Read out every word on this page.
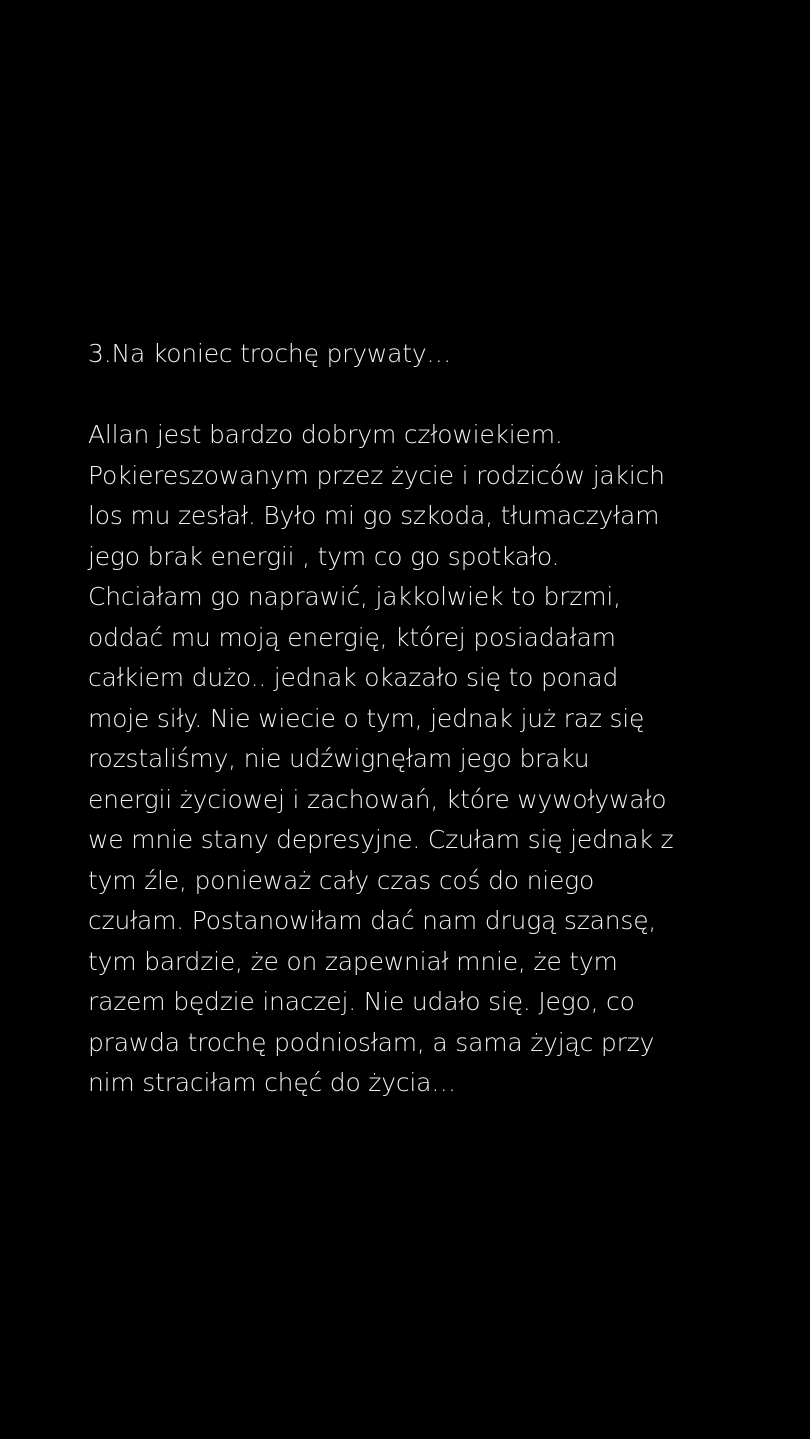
3.Na koniec trochę prywaty…

Allan jest bardzo dobrym człowiekiem.
Pokiereszowanym przez życie i rodziców jakich
los mu zesłał. Było mi go szkoda, tłumaczyłam
jego brak energii , tym co go spotkało.
Chciałam go naprawić, jakkolwiek to brzmi,
oddać mu moją energię, której posiadałam
całkiem dużo.. jednak okazało się to ponad
moje siły. Nie wiecie o tym, jednak już raz się
rozstaliśmy, nie udźwignęłam jego braku
energii życiowej i zachowań, które wywoływało
we mnie stany depresyjne. Czułam się jednak z
tym źle, ponieważ cały czas coś do niego
czułam. Postanowiłam dać nam drugą szansę,
tym bardzie, że on zapewniał mnie, że tym
razem będzie inaczej. Nie udało się. Jego, co
prawda trochę podniosłam, a sama żyjąc przy
nim straciłam chęć do życia…
